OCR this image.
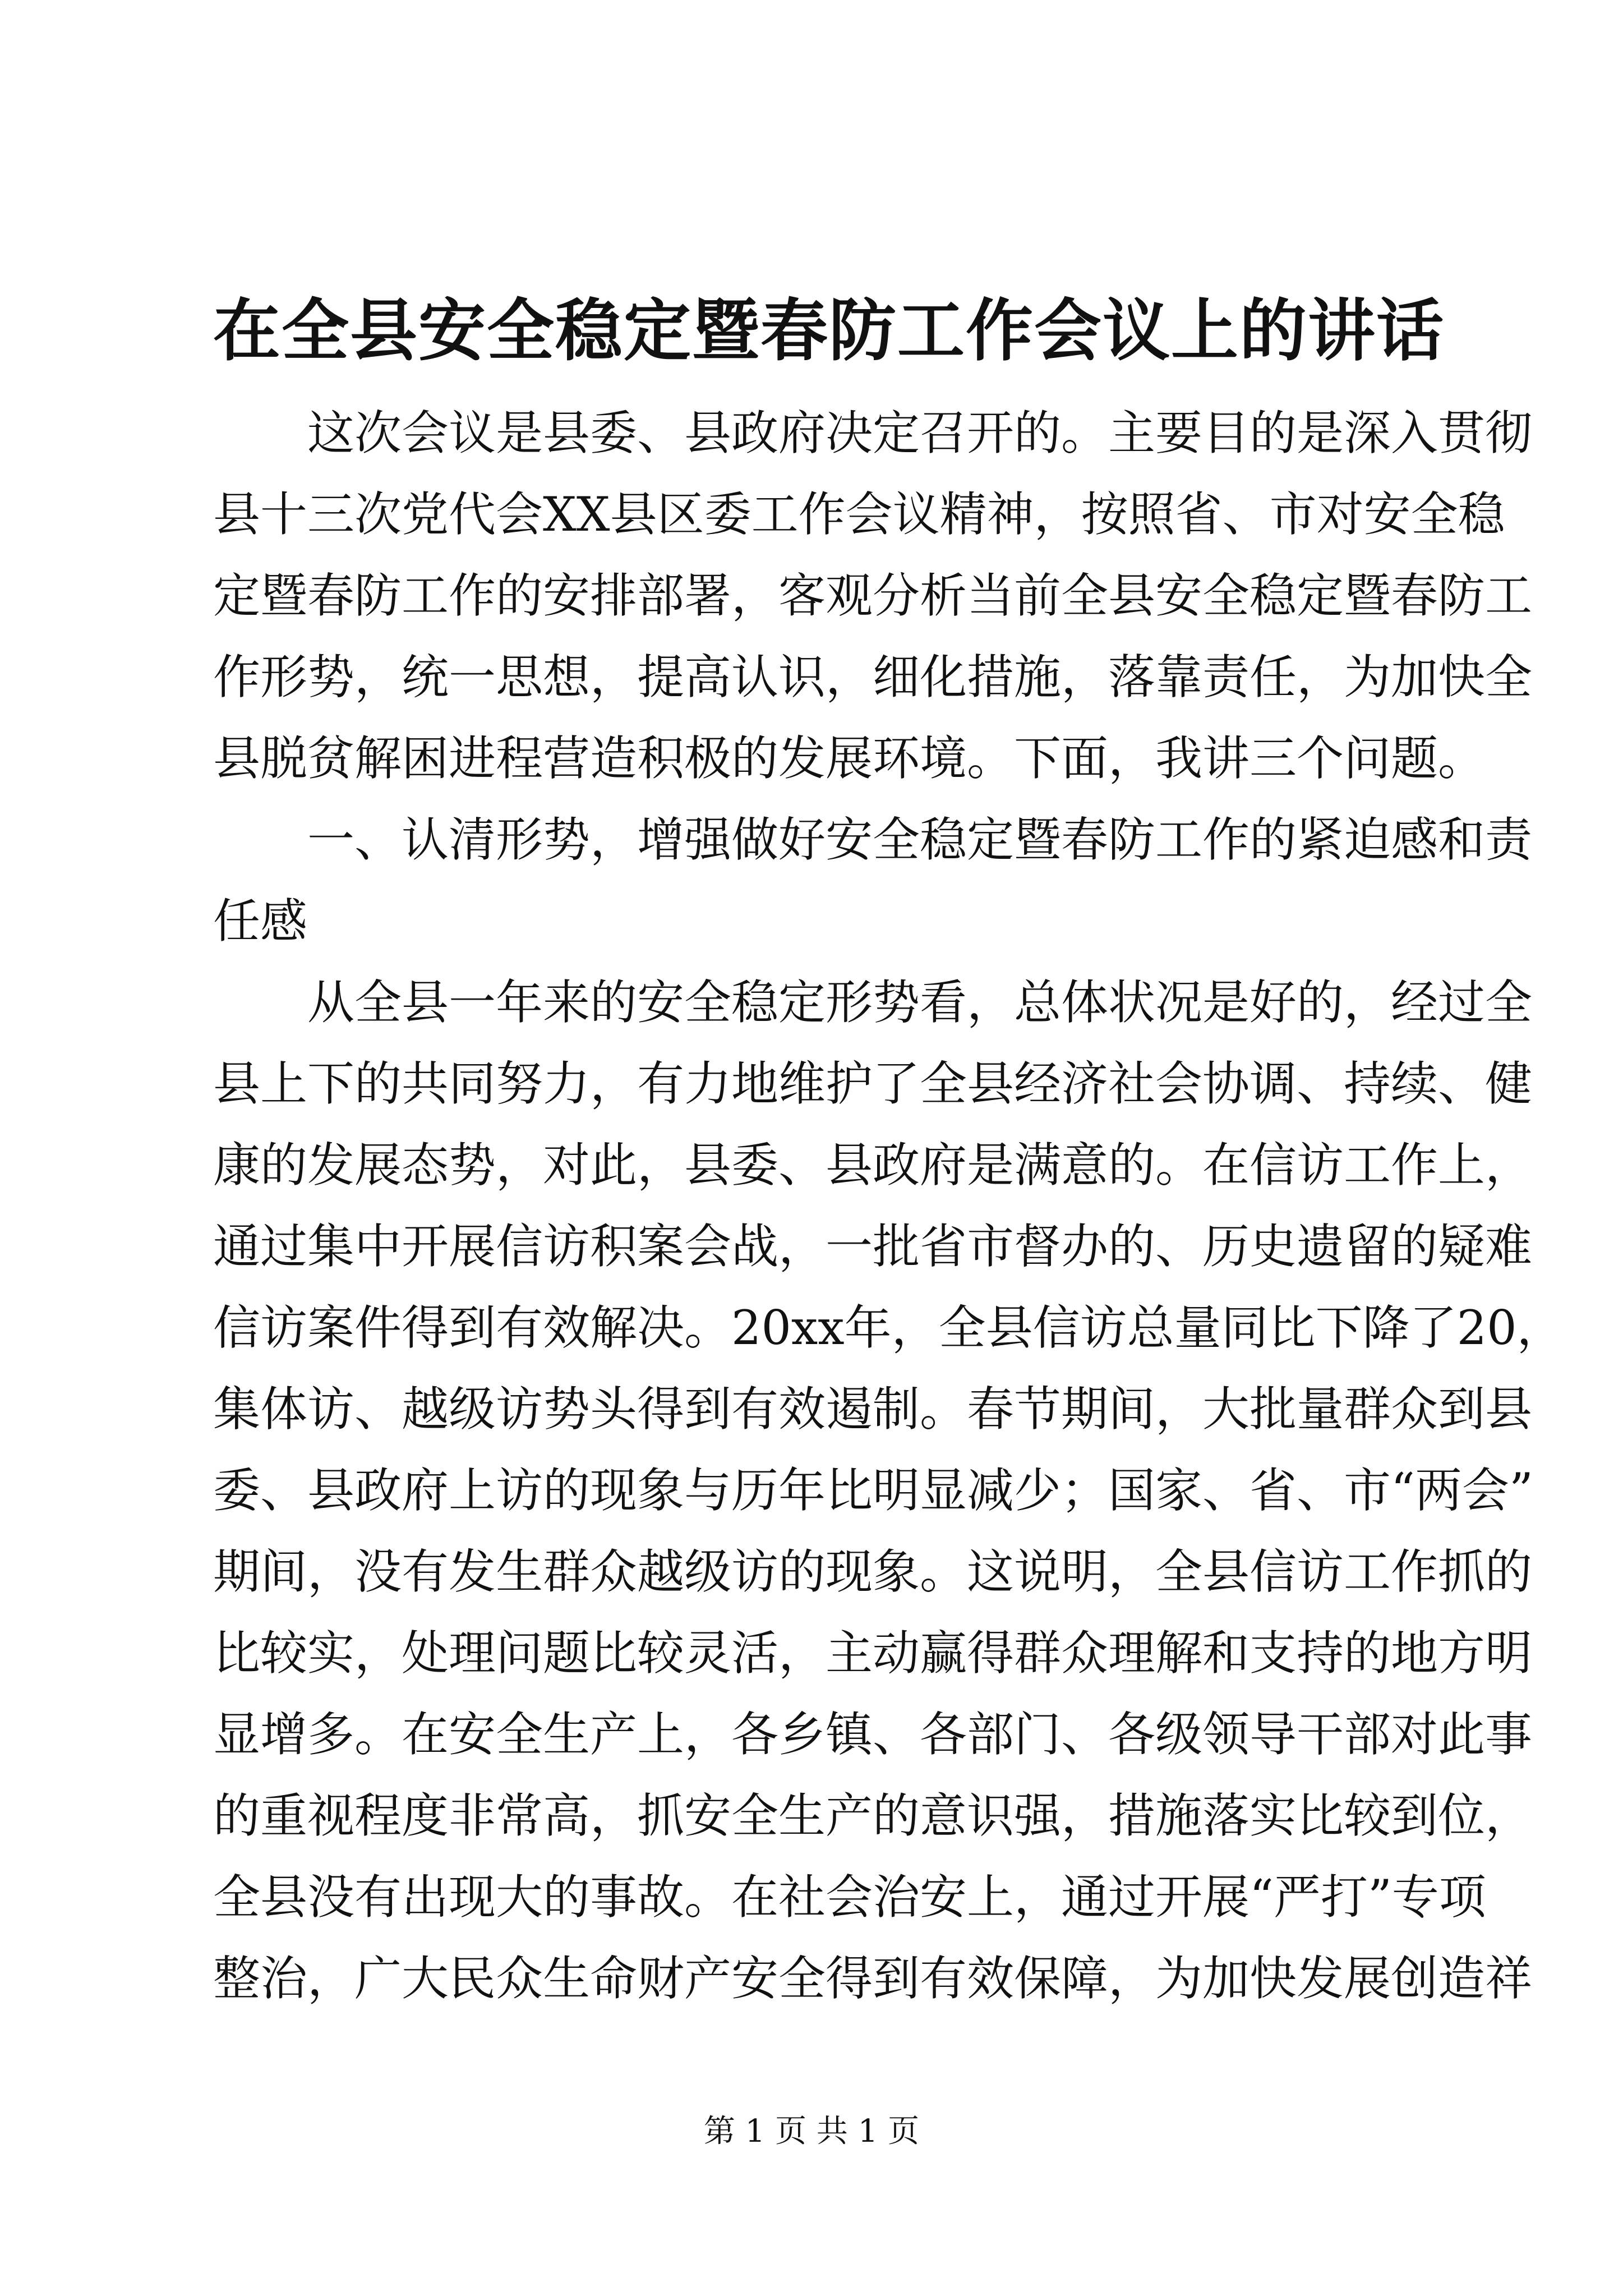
在全县安全稳定暨春防工作会议上的讲话
　　这次会议是县委、县政府决定召开的。主要目的是深入贯彻
县十三次党代会XX县区委工作会议精神，按照省、市对安全稳
定暨春防工作的安排部署，客观分析当前全县安全稳定暨春防工
作形势，统一思想，提高认识，细化措施，落靠责任，为加快全
县脱贫解困进程营造积极的发展环境。下面，我讲三个问题。
　　一、认清形势，增强做好安全稳定暨春防工作的紧迫感和责
任感
　　从全县一年来的安全稳定形势看，总体状况是好的，经过全
县上下的共同努力，有力地维护了全县经济社会协调、持续、健
康的发展态势，对此，县委、县政府是满意的。在信访工作上，
通过集中开展信访积案会战，一批省市督办的、历史遗留的疑难
信访案件得到有效解决。20xx年，全县信访总量同比下降了20，
集体访、越级访势头得到有效遏制。春节期间，大批量群众到县
委、县政府上访的现象与历年比明显减少；国家、省、市“两会”
期间，没有发生群众越级访的现象。这说明，全县信访工作抓的
比较实，处理问题比较灵活，主动赢得群众理解和支持的地方明
显增多。在安全生产上，各乡镇、各部门、各级领导干部对此事
的重视程度非常高，抓安全生产的意识强，措施落实比较到位，
全县没有出现大的事故。在社会治安上，通过开展“严打”专项
整治，广大民众生命财产安全得到有效保障，为加快发展创造祥
第 1 页 共 1 页
